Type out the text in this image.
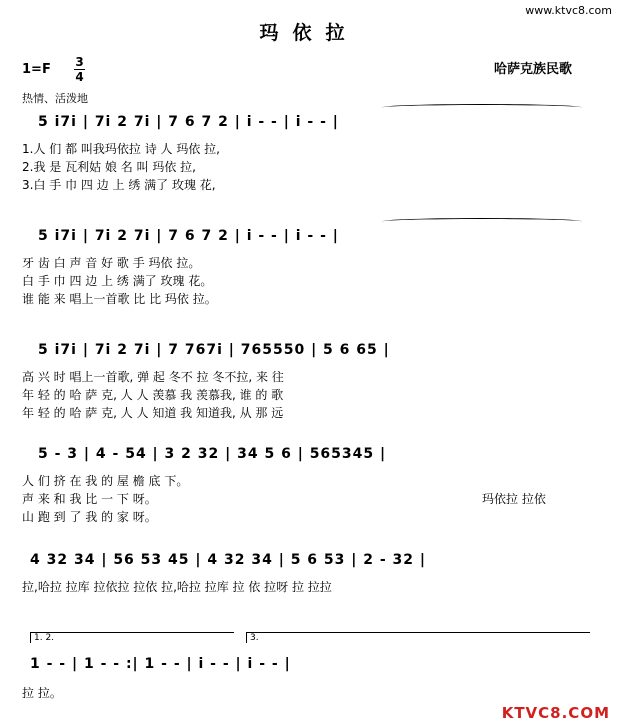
www.ktvc8.com
玛依拉
1=F 3
4	哈萨克族民歌
热情、活泼地
5 i7i | 7i 2 7i | 7 6 7 2 | i - - | i - - |
1.人 们 都 叫我玛依拉 诗 人 玛依 拉,
2.我 是 瓦利姑 娘 名 叫 玛依 拉,
3.白 手 巾 四 边 上 绣 满了 玫瑰 花,
5 i7i | 7i 2 7i | 7 6 7 2 | i - - | i - - |
牙 齿 白 声 音 好 歌 手 玛依 拉。
白 手 巾 四 边 上 绣 满了 玫瑰 花。
谁 能 来 唱上一首歌 比 比 玛依 拉。
5 i7i | 7i 2 7i | 7 767i | 765550 | 5 6 65 |
高 兴 时 唱上一首歌, 弹 起 冬不 拉 冬不拉, 来 往
年 轻 的 哈 萨 克, 人 人 羡慕 我 羡慕我, 谁 的 歌
年 轻 的 哈 萨 克, 人 人 知道 我 知道我, 从 那 远
5 - 3 | 4 - 54 | 3 2 32 | 34 5 6 | 565345 |
人 们 挤 在 我 的 屋 檐 底 下。
声 来 和 我 比 一 下 呀。
山 跑 到 了 我 的 家 呀。
玛依拉 拉依
4 32 34 | 56 53 45 | 4 32 34 | 5 6 53 | 2 - 32 |
拉,哈拉 拉库 拉依拉 拉依 拉,哈拉 拉库 拉 依 拉呀 拉 拉拉
1. 2.	3.
1 - - | 1 - - :| 1 - - | i - - | i - - |
拉 拉。
KTVC8.COM
